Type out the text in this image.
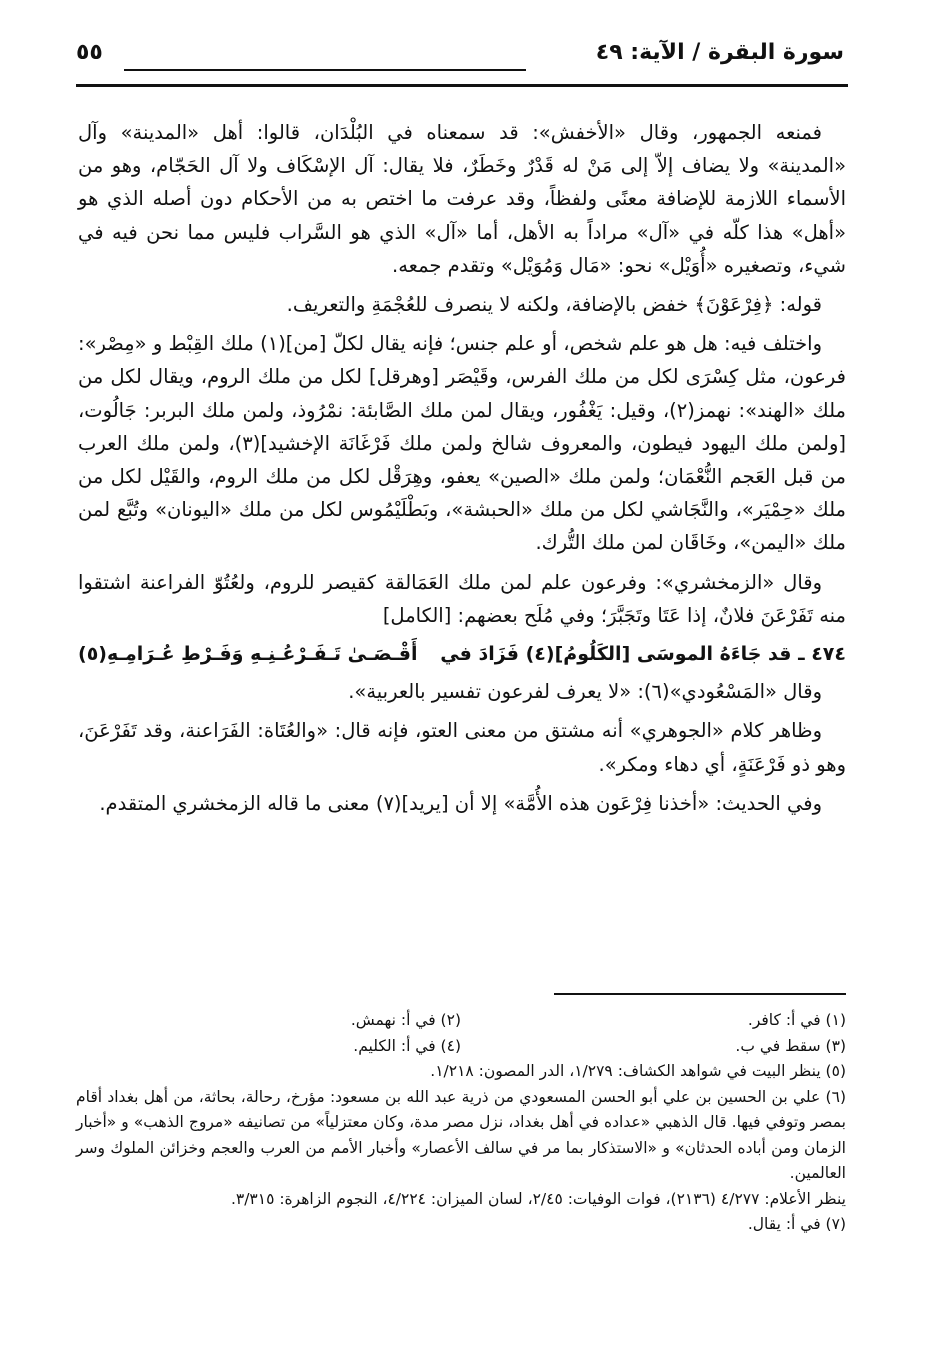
سورة البقرة / الآية: ٤٩
٥٥

فمنعه الجمهور، وقال «الأخفش»: قد سمعناه في البُلْدَان، قالوا: أهل «المدينة» وآل «المدينة» ولا يضاف إلاّ إلى مَنْ له قَدْرٌ وخَطَرٌ، فلا يقال: آل الإسْكَاف ولا آل الحَجّام، وهو من الأسماء اللازمة للإضافة معنًى ولفظاً، وقد عرفت ما اختص به من الأحكام دون أصله الذي هو «أهل» هذا كلّه في «آل» مراداً به الأهل، أما «آل» الذي هو السَّراب فليس مما نحن فيه في شيء، وتصغيره «أُوَيْل» نحو: «مَال وَمُوَيْل» وتقدم جمعه.

قوله: ﴿فِرْعَوْنَ﴾ خفض بالإضافة، ولكنه لا ينصرف للعُجْمَةِ والتعريف.

واختلف فيه: هل هو علم شخص، أو علم جنس؛ فإنه يقال لكلّ [من](١) ملك القِبْط و «مِصْر»: فرعون، مثل كِسْرَى لكل من ملك الفرس، وقَيْصَر [وهرقل] لكل من ملك الروم، ويقال لكل من ملك «الهند»: نهمز(٢)، وقيل: يَغْفُور، ويقال لمن ملك الصَّابئة: نمْرُوذ، ولمن ملك البربر: جَالُوت، [ولمن ملك اليهود فيطون، والمعروف شالخ ولمن ملك فَرْغَانَة الإخشيد](٣)، ولمن ملك العرب من قبل العَجم النُّعْمَان؛ ولمن ملك «الصين» يعفو، وهِرَقْل لكل من ملك الروم، والقَيْل لكل من ملك «حِمْيَر»، والنَّجَاشي لكل من ملك «الحبشة»، وبَطْلَيْمُوس لكل من ملك «اليونان» وتُبَّع لمن ملك «اليمن»، وخَاقَان لمن ملك التُّرك.

وقال «الزمخشري»: وفرعون علم لمن ملك العَمَالقة كقيصر للروم، ولعُتُوّ الفراعنة اشتقوا منه تَفَرْعَنَ فلانٌ، إذا عَتَا وتَجَبَّرَ؛ وفي مُلَح بعضهم: [الكامل]

٤٧٤ ـ قد جَاءَهُ الموسَى [الكَلُومُ](٤) فَزَادَ في
أَقْـصَـىٰ تَـفَـرْعُـنِـهِ وَفَـرْطِ عُـرَامِـهِ(٥)

وقال «المَسْعُودي»(٦): «لا يعرف لفرعون تفسير بالعربية».

وظاهر كلام «الجوهري» أنه مشتق من معنى العتو، فإنه قال: «والعُتَاة: الفَرَاعنة، وقد تَفَرْعَنَ، وهو ذو فَرْعَنَةٍ، أي دهاء ومكر».

وفي الحديث: «أخذنا فِرْعَون هذه الأُمَّة» إلا أن [يريد](٧) معنى ما قاله الزمخشري المتقدم.

(١) في أ: كافر.
(٢) في أ: نهمش.
(٣) سقط في ب.
(٤) في أ: الكليم.

(٥) ينظر البيت في شواهد الكشاف: ١/٢٧٩، الدر المصون: ١/٢١٨.

(٦) علي بن الحسين بن علي أبو الحسن المسعودي من ذرية عبد الله بن مسعود: مؤرخ، رحالة، بحاثة، من أهل بغداد أقام بمصر وتوفي فيها. قال الذهبي «عداده في أهل بغداد، نزل مصر مدة، وكان معتزلياً» من تصانيفه «مروج الذهب» و «أخبار الزمان ومن أباده الحدثان» و «الاستذكار بما مر في سالف الأعصار» وأخبار الأمم من العرب والعجم وخزائن الملوك وسر العالمين.

ينظر الأعلام: ٤/٢٧٧ (٢١٣٦)، فوات الوفيات: ٢/٤٥، لسان الميزان: ٤/٢٢٤، النجوم الزاهرة: ٣/٣١٥.

(٧) في أ: يقال.
